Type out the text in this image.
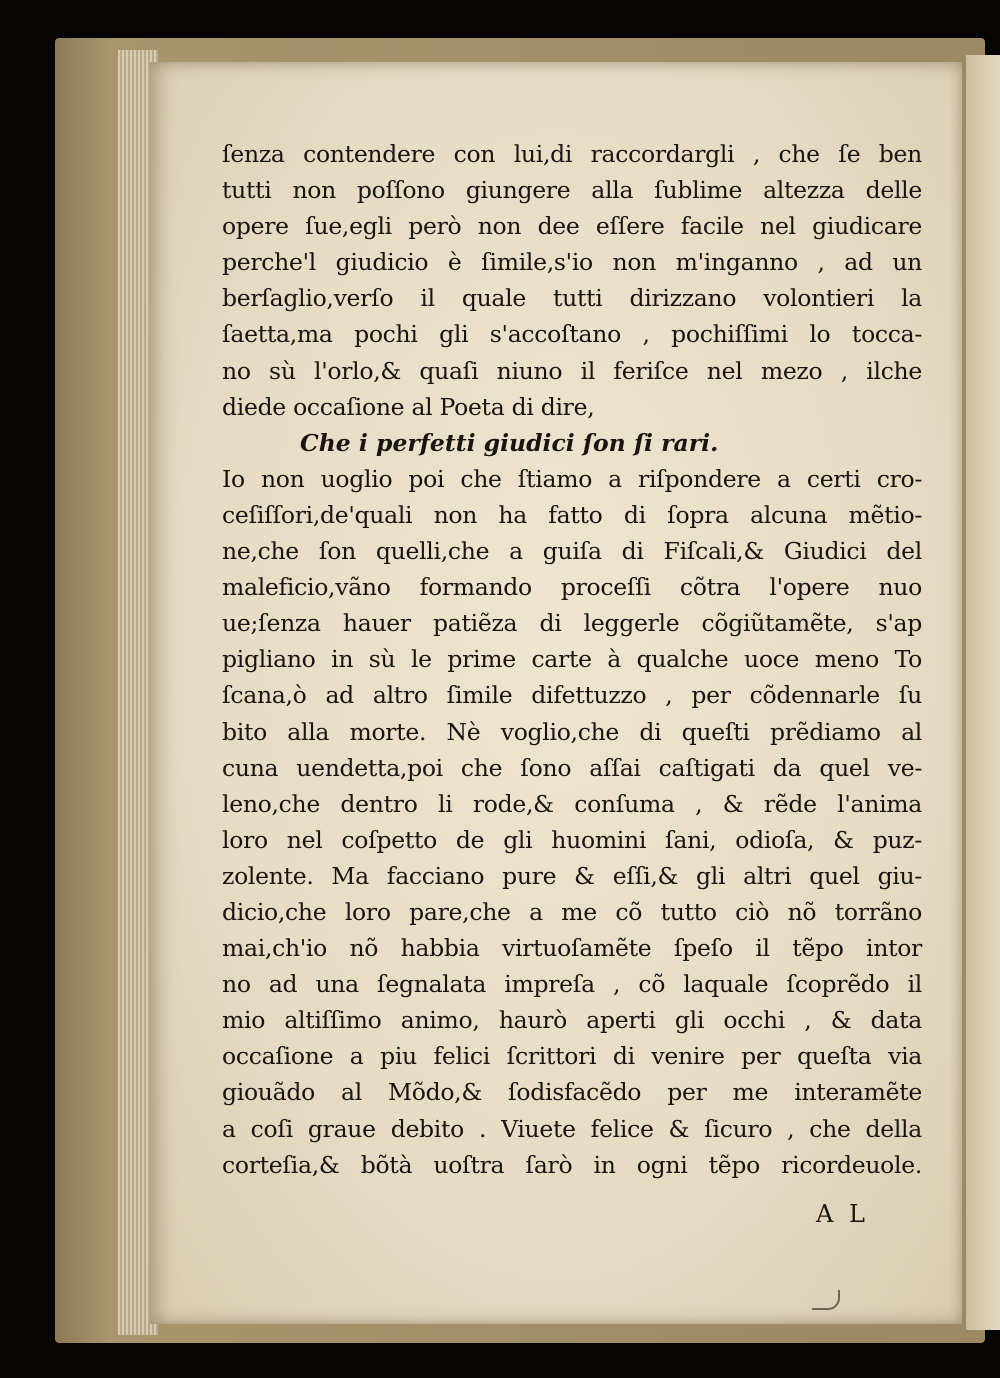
ſenza contendere con lui,di raccordargli , che ſe ben
tutti non poſſono giungere alla ſublime altezza delle
opere ſue,egli però non dee eſſere facile nel giudicare
perche'l giudicio è ſimile,s'io non m'inganno , ad un
berſaglio,verſo il quale tutti dirizzano volontieri la
ſaetta,ma pochi gli s'accoſtano , pochiſſimi lo tocca-
no sù l'orlo,& quaſi niuno il feriſce nel mezo , ilche
diede occaſione al Poeta di dire,
Che i perfetti giudici ſon ſi rari.
Io non uoglio poi che ſtiamo a riſpondere a certi cro-
ceſiſſori,de'quali non ha fatto di ſopra alcuna mẽtio-
ne,che ſon quelli,che a guiſa di Fiſcali,& Giudici del
maleficio,vãno formando proceſſi cõtra l'opere nuo
ue;ſenza hauer patiẽza di leggerle cõgiũtamẽte, s'ap
pigliano in sù le prime carte à qualche uoce meno To
ſcana,ò ad altro ſimile difettuzzo , per cõdennarle ſu
bito alla morte. Nè voglio,che di queſti prẽdiamo al
cuna uendetta,poi che ſono aſſai caſtigati da quel ve-
leno,che dentro li rode,& conſuma , & rẽde l'anima
loro nel coſpetto de gli huomini ſani, odioſa, & puz-
zolente. Ma facciano pure & eſſi,& gli altri quel giu-
dicio,che loro pare,che a me cõ tutto ciò nõ torrãno
mai,ch'io nõ habbia virtuoſamẽte ſpeſo il tẽpo intor
no ad una ſegnalata impreſa , cõ laquale ſcoprẽdo il
mio altiſſimo animo, haurò aperti gli occhi , & data
occaſione a piu felici ſcrittori di venire per queſta via
giouãdo al Mõdo,& ſodisfacẽdo per me interamẽte
a coſi graue debito . Viuete felice & ſicuro , che della
corteſia,& bõtà uoſtra ſarò in ogni tẽpo ricordeuole.
A L
